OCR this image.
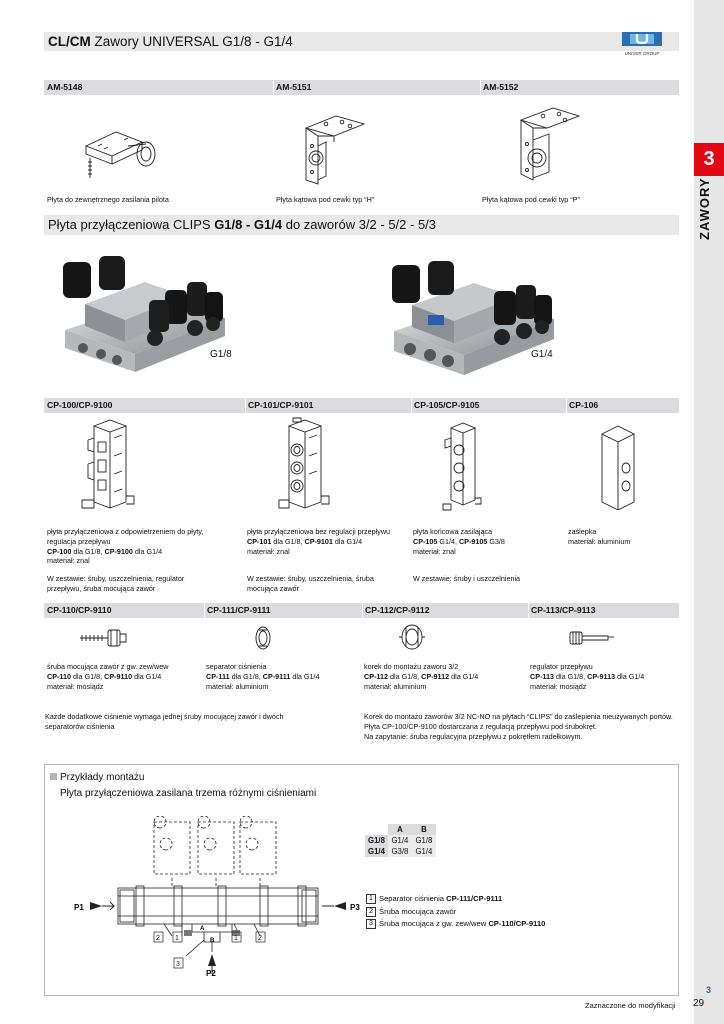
3
ZAWORY
CL/CM Zawory UNIVERSAL G1/8 - G1/4
UNIVER GROUP
AM-5148	AM-5151	AM-5152
Płyta do zewnętrznego zasilania pilota	Płyta kątowa pod cewki typ “H”	Płyta kątowa pod cewki typ “P”
Płyta przyłączeniowa CLIPS G1/8 - G1/4 do zaworów 3/2 - 5/2 - 5/3
G1/8	G1/4
CP-100/CP-9100	CP-101/CP-9101	CP-105/CP-9105	CP-106
płyta przyłączeniowa z odpowietrzeniem do płyty,
regulacja przepływu
CP-100 dla G1/8, CP-9100 dla G1/4
materiał: znal
W zestawie: śruby, uszczelnienia, regulator
przepływu, śruba mocująca zawór
płyta przyłączeniowa bez regulacji przepływu
CP-101 dla G1/8, CP-9101 dla G1/4
materiał: znal
W zestawie: śruby, uszczelnienia, śruba
mocująca zawór
płyta końcowa zasilająca
CP-105 G1/4, CP-9105 G3/8
materiał: znal
W zestawie: śruby i uszczelnienia
zaślepka
materiał: aluminium
CP-110/CP-9110	CP-111/CP-9111	CP-112/CP-9112	CP-113/CP-9113
śruba mocująca zawór z gw. zew/wew
CP-110 dla G1/8, CP-9110 dla G1/4
materiał: mosiądz
separator ciśnienia
CP-111 dla G1/8, CP-9111 dla G1/4
materiał: aluminium
korek do montażu zaworu 3/2
CP-112 dla G1/8, CP-9112 dla G1/4
materiał: aluminium
regulator przepływu
CP-113 dla G1/8, CP-9113 dla G1/4
materiał: mosiądz
Każde dodatkowe ciśnienie wymaga jednej śruby mocującej zawór i dwóch
separatorów ciśnienia
Korek do montażu zaworów 3/2 NC-NO na płytach “CLIPS” do zaślepienia nieużywanych portów.
Płyta CP-100/CP-9100 dostarczana z regulacją przepływu pod śrubokręt.
Na zapytanie: śruba regulacyjna przepływu z pokrętłem radełkowym.
Przykłady montażu
Płyta przyłączeniowa zasilana trzema różnymi ciśnieniami
P1	P3
P2
A
B
2 1	1	2
3
	A	B
G1/8	G1/4	G1/8
G1/4	G3/8	G1/4
1 Separator ciśnienia CP-111/CP-9111
2 Śruba mocująca zawór
3 Śruba mocująca z gw. zew/wew CP-110/CP-9110
Zaznaczone do modyfikacji
3
29
